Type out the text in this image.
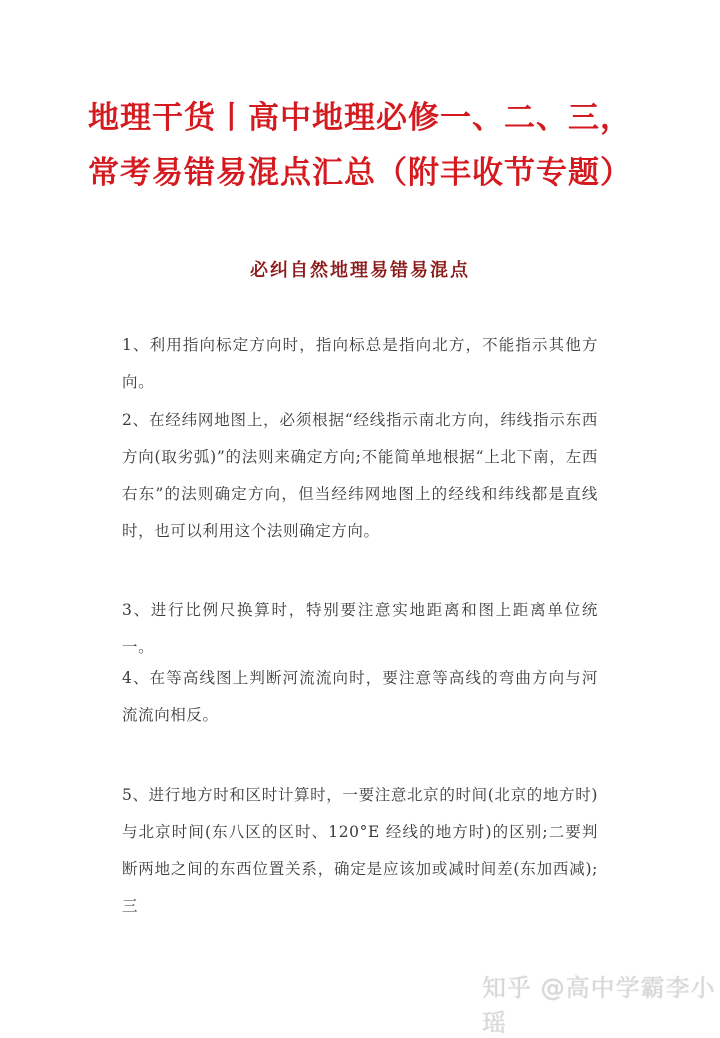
地理干货丨高中地理必修一、二、三，
常考易错易混点汇总（附丰收节专题）
必纠自然地理易错易混点
1、利用指向标定方向时，指向标总是指向北方，不能指示其他方向。
2、在经纬网地图上，必须根据“经线指示南北方向，纬线指示东西方向(取劣弧)”的法则来确定方向;不能简单地根据“上北下南，左西右东”的法则确定方向，但当经纬网地图上的经线和纬线都是直线时，也可以利用这个法则确定方向。
3、进行比例尺换算时，特别要注意实地距离和图上距离单位统一。
4、在等高线图上判断河流流向时，要注意等高线的弯曲方向与河流流向相反。
5、进行地方时和区时计算时，一要注意北京的时间(北京的地方时)与北京时间(东八区的区时、120°E 经线的地方时)的区别;二要判断两地之间的东西位置关系，确定是应该加或减时间差(东加西减);三
知乎 @高中学霸李小瑶
